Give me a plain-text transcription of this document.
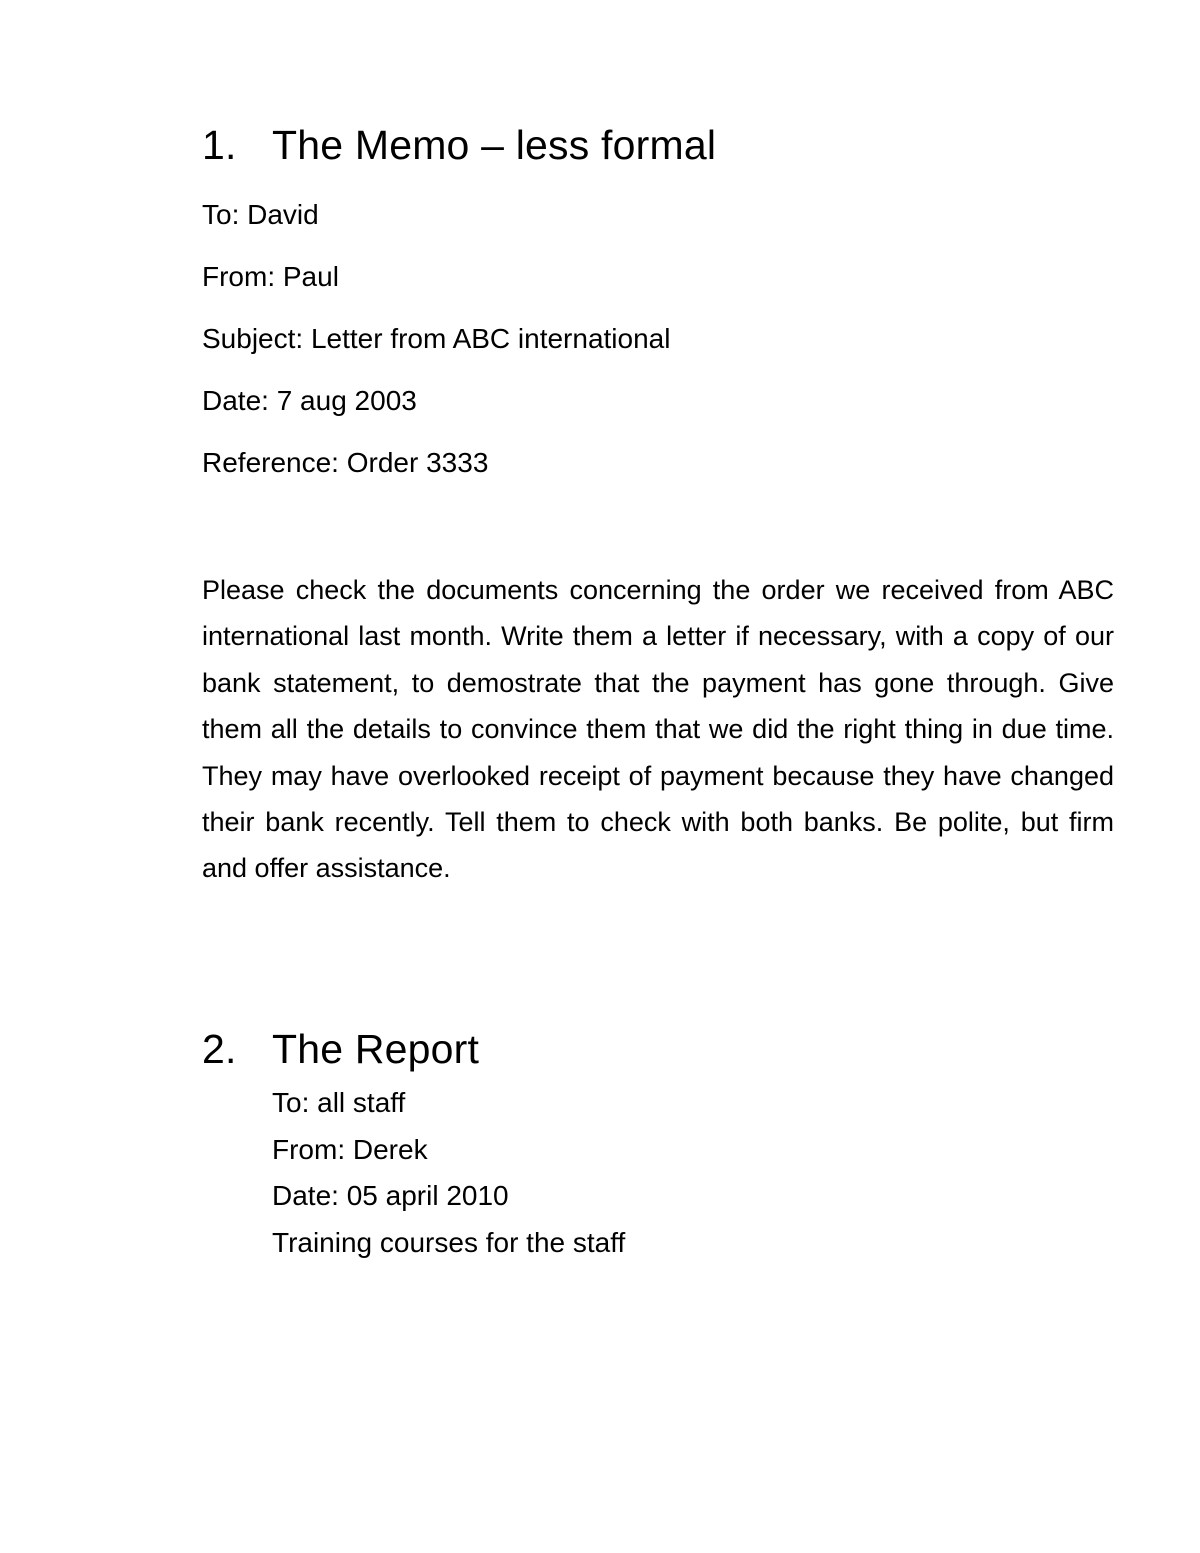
1. The Memo – less formal
To: David
From: Paul
Subject: Letter from ABC international
Date: 7 aug 2003
Reference: Order 3333

Please check the documents concerning the order we received from ABC international last month. Write them a letter if necessary, with a copy of our bank statement, to demostrate that the payment has gone through. Give them all the details to convince them that we did the right thing in due time. They may have overlooked receipt of payment because they have changed their bank recently. Tell them to check with both banks. Be polite, but firm and offer assistance.

2. The Report
To: all staff
From: Derek
Date: 05 april 2010
Training courses for the staff
